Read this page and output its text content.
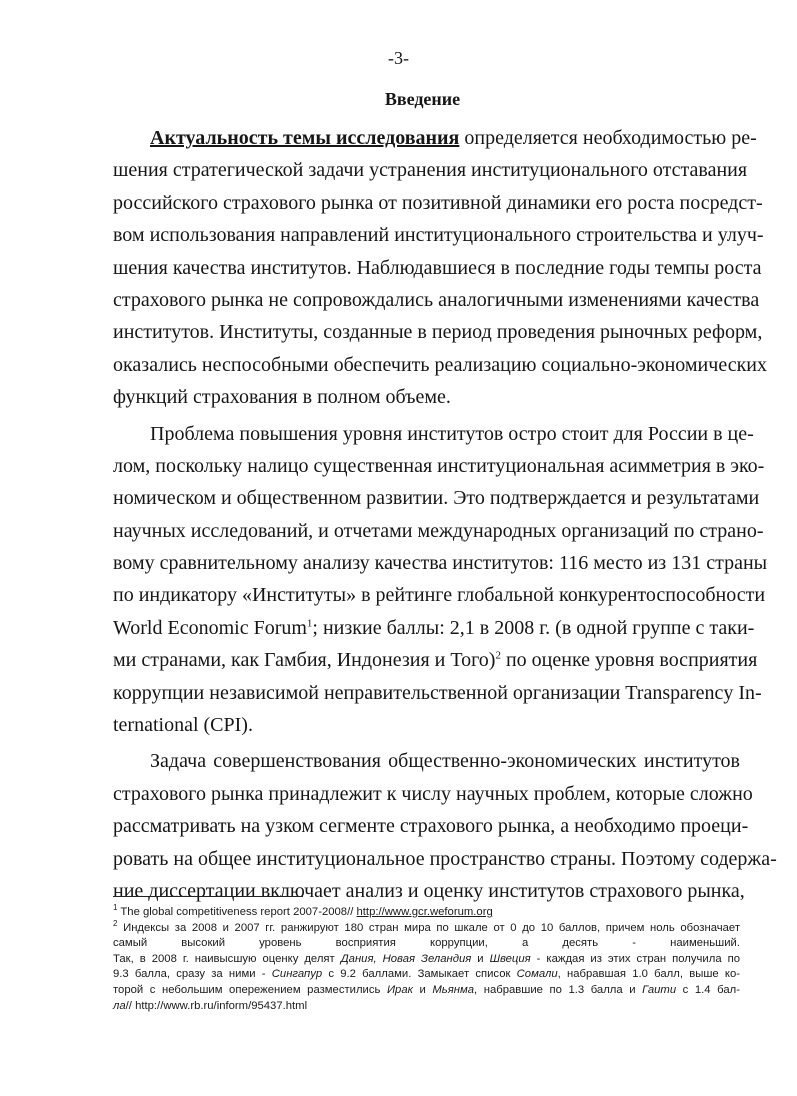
-3-
Введение
Актуальность темы исследования определяется необходимостью ре-
шения стратегической задачи устранения институционального отставания
российского страхового рынка от позитивной динамики его роста посредст-
вом использования направлений институционального строительства и улуч-
шения качества институтов. Наблюдавшиеся в последние годы темпы роста
страхового рынка не сопровождались аналогичными изменениями качества
институтов. Институты, созданные в период проведения рыночных реформ,
оказались неспособными обеспечить реализацию социально-экономических
функций страхования в полном объеме.
Проблема повышения уровня институтов остро стоит для России в це-
лом, поскольку налицо существенная институциональная асимметрия в эко-
номическом и общественном развитии. Это подтверждается и результатами
научных исследований, и отчетами международных организаций по страно-
вому сравнительному анализу качества институтов: 116 место из 131 страны
по индикатору «Институты» в рейтинге глобальной конкурентоспособности
World Economic Forum$^1$; низкие баллы: 2,1 в 2008 г. (в одной группе с таки-
ми странами, как Гамбия, Индонезия и Того)$^2$ по оценке уровня восприятия
коррупции независимой неправительственной организации Transparency In-
ternational (CPI).
Задача совершенствования общественно-экономических институтов
страхового рынка принадлежит к числу научных проблем, которые сложно
рассматривать на узком сегменте страхового рынка, а необходимо проеци-
ровать на общее институциональное пространство страны. Поэтому содержа-
ние диссертации включает анализ и оценку институтов страхового рынка,
$^1$ The global competitiveness report 2007-2008// http://www.gcr.weforum.org
$^2$ Индексы за 2008 и 2007 гг. ранжируют 180 стран мира по шкале от 0 до 10 баллов, причем ноль обозначает
самый высокий уровень восприятия коррупции, а десять - наименьший.
Так, в 2008 г. наивысшую оценку делят Дания, Новая Зеландия и Швеция - каждая из этих стран получила по
9.3 балла, сразу за ними - Сингапур с 9.2 баллами. Замыкает список Сомали, набравшая 1.0 балл, выше ко-
торой с небольшим опережением разместились Ирак и Мьянма, набравшие по 1.3 балла и Гаити с 1.4 бал-
ла// http://www.rb.ru/inform/95437.html
